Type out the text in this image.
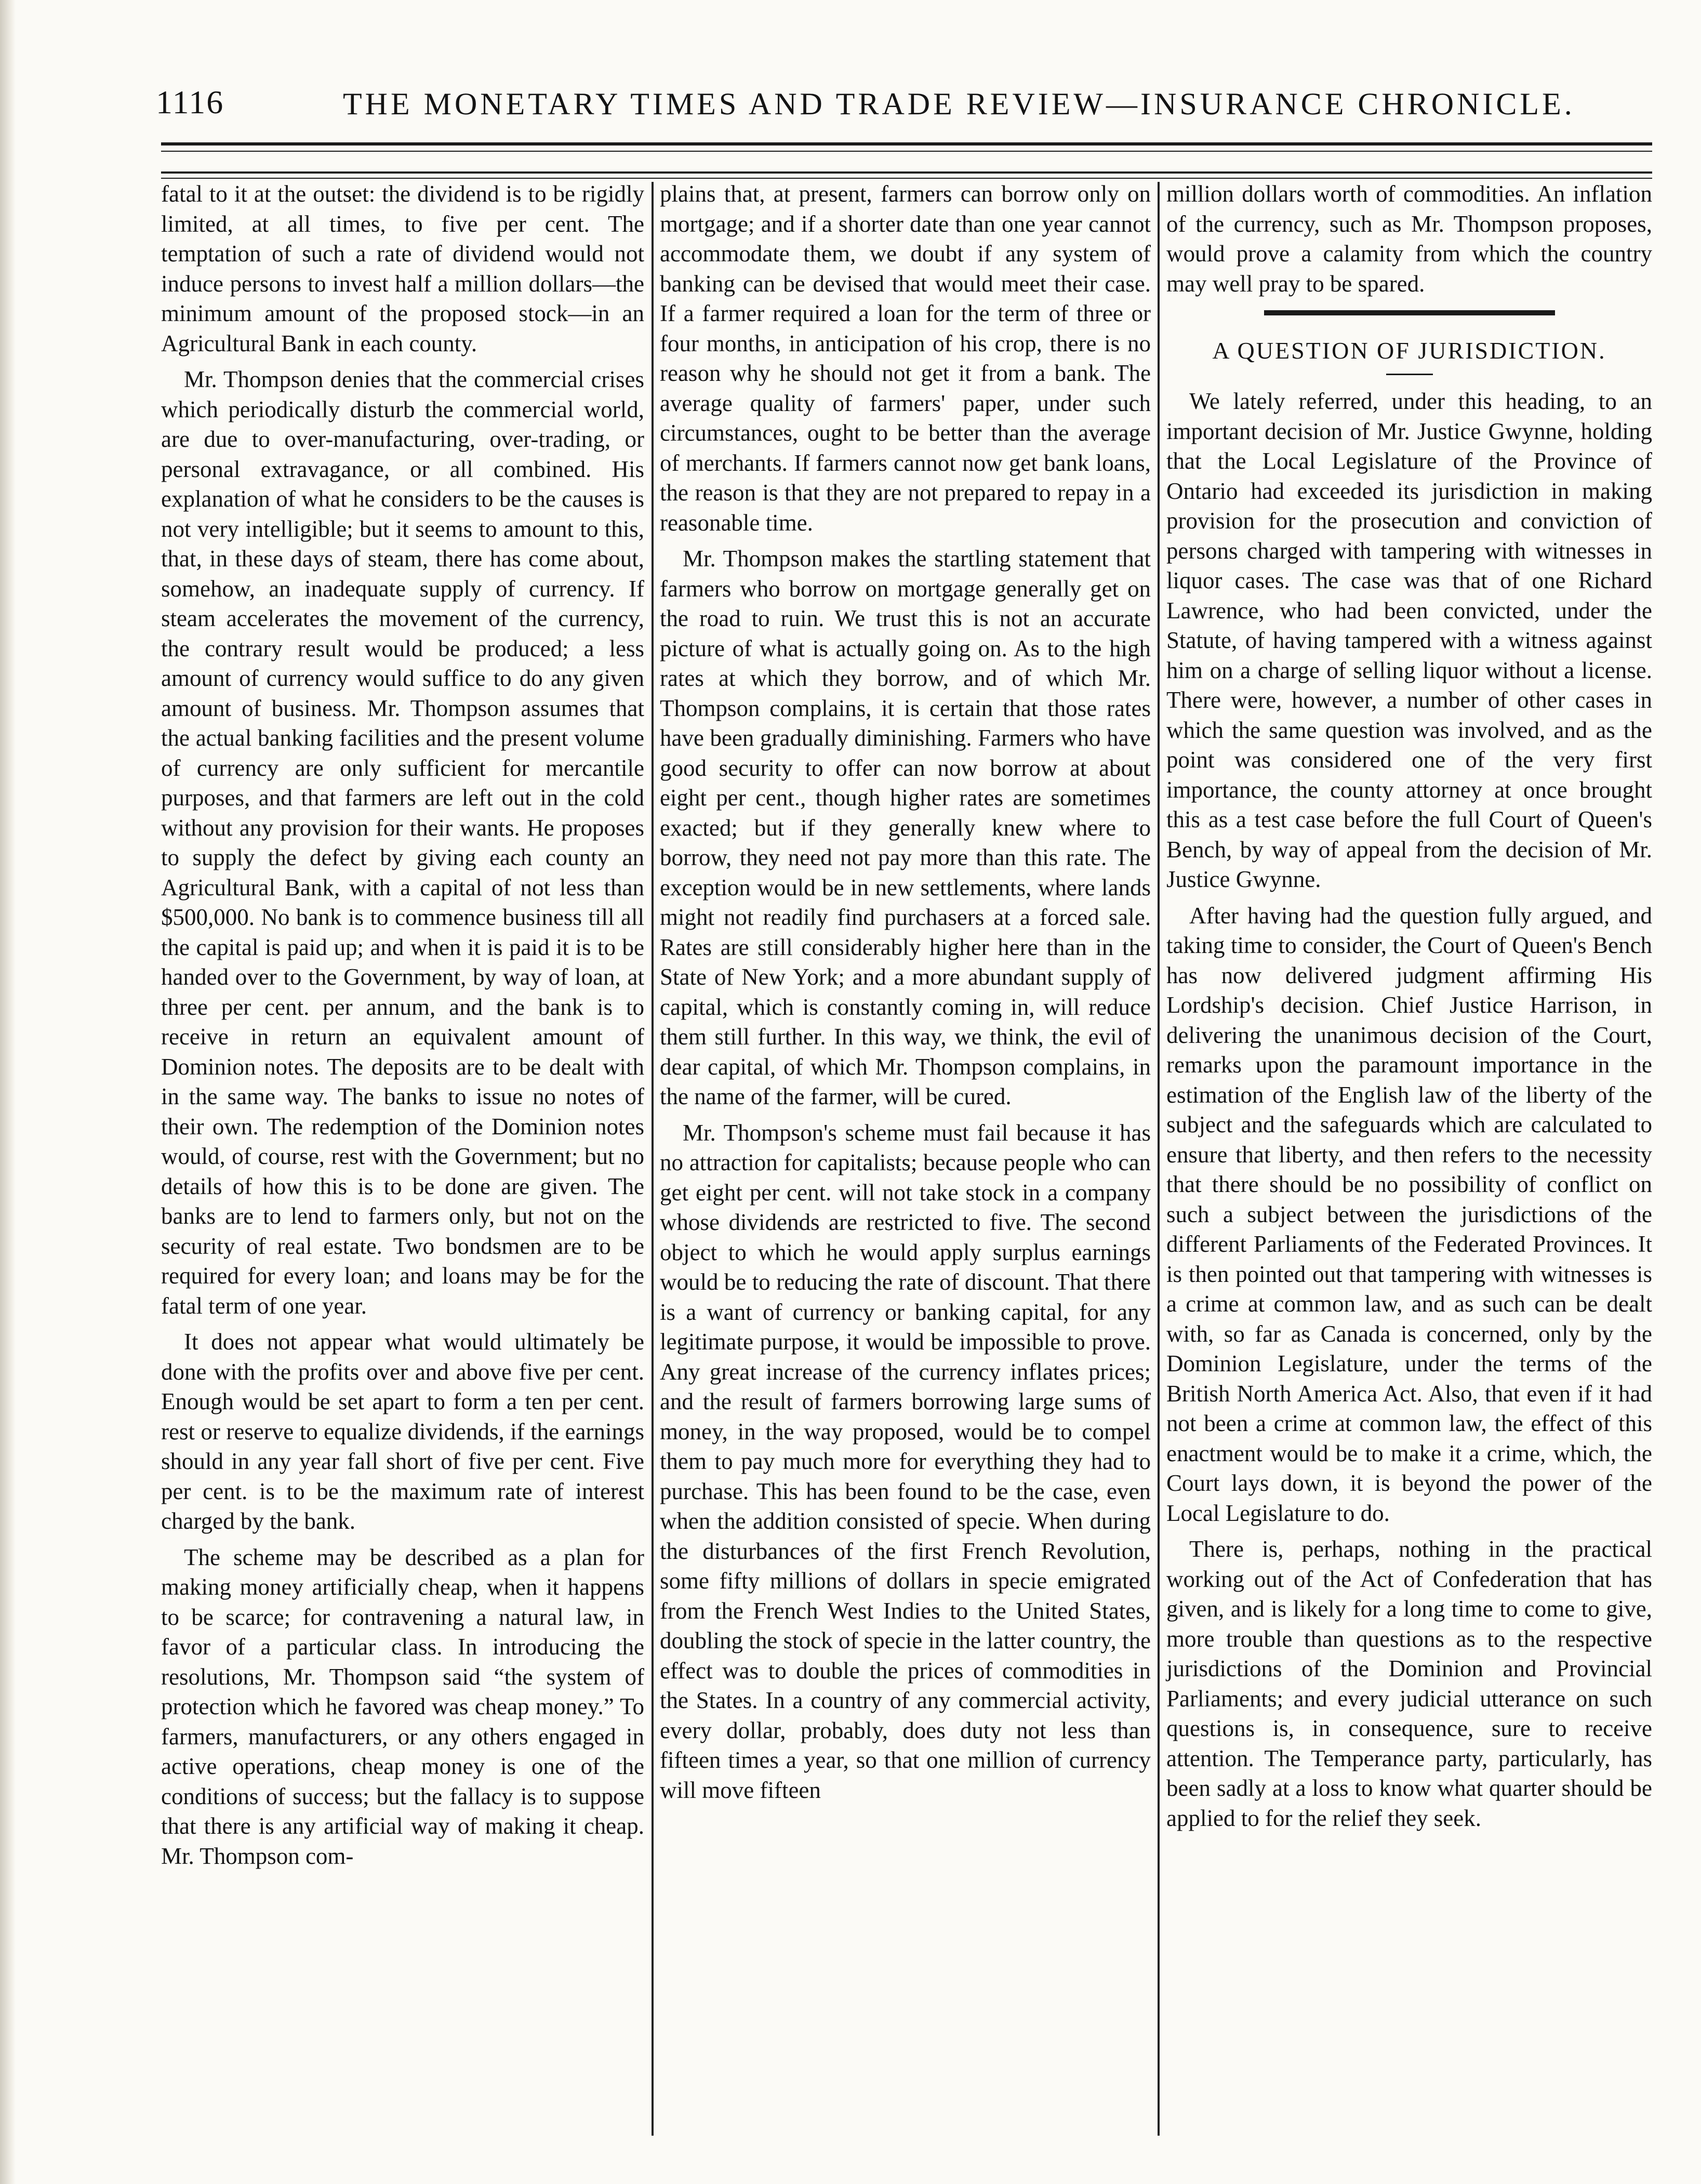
1116	THE MONETARY TIMES AND TRADE REVIEW—INSURANCE CHRONICLE.

fatal to it at the outset: the dividend is to be rigidly limited, at all times, to five per cent. The temptation of such a rate of dividend would not induce persons to invest half a million dollars—the minimum amount of the proposed stock—in an Agricultural Bank in each county.

Mr. Thompson denies that the commercial crises which periodically disturb the commercial world, are due to over-manufacturing, over-trading, or personal extravagance, or all combined. His explanation of what he considers to be the causes is not very intelligible; but it seems to amount to this, that, in these days of steam, there has come about, somehow, an inadequate supply of currency. If steam accelerates the movement of the currency, the contrary result would be produced; a less amount of currency would suffice to do any given amount of business. Mr. Thompson assumes that the actual banking facilities and the present volume of currency are only sufficient for mercantile purposes, and that farmers are left out in the cold without any provision for their wants. He proposes to supply the defect by giving each county an Agricultural Bank, with a capital of not less than $500,000. No bank is to commence business till all the capital is paid up; and when it is paid it is to be handed over to the Government, by way of loan, at three per cent. per annum, and the bank is to receive in return an equivalent amount of Dominion notes. The deposits are to be dealt with in the same way. The banks to issue no notes of their own. The redemption of the Dominion notes would, of course, rest with the Government; but no details of how this is to be done are given. The banks are to lend to farmers only, but not on the security of real estate. Two bondsmen are to be required for every loan; and loans may be for the fatal term of one year.

It does not appear what would ultimately be done with the profits over and above five per cent. Enough would be set apart to form a ten per cent. rest or reserve to equalize dividends, if the earnings should in any year fall short of five per cent. Five per cent. is to be the maximum rate of interest charged by the bank.

The scheme may be described as a plan for making money artificially cheap, when it happens to be scarce; for contravening a natural law, in favor of a particular class. In introducing the resolutions, Mr. Thompson said “the system of protection which he favored was cheap money.” To farmers, manufacturers, or any others engaged in active operations, cheap money is one of the conditions of success; but the fallacy is to suppose that there is any artificial way of making it cheap. Mr. Thompson com-

plains that, at present, farmers can borrow only on mortgage; and if a shorter date than one year cannot accommodate them, we doubt if any system of banking can be devised that would meet their case. If a farmer required a loan for the term of three or four months, in anticipation of his crop, there is no reason why he should not get it from a bank. The average quality of farmers' paper, under such circumstances, ought to be better than the average of merchants. If farmers cannot now get bank loans, the reason is that they are not prepared to repay in a reasonable time.

Mr. Thompson makes the startling statement that farmers who borrow on mortgage generally get on the road to ruin. We trust this is not an accurate picture of what is actually going on. As to the high rates at which they borrow, and of which Mr. Thompson complains, it is certain that those rates have been gradually diminishing. Farmers who have good security to offer can now borrow at about eight per cent., though higher rates are sometimes exacted; but if they generally knew where to borrow, they need not pay more than this rate. The exception would be in new settlements, where lands might not readily find purchasers at a forced sale. Rates are still considerably higher here than in the State of New York; and a more abundant supply of capital, which is constantly coming in, will reduce them still further. In this way, we think, the evil of dear capital, of which Mr. Thompson complains, in the name of the farmer, will be cured.

Mr. Thompson's scheme must fail because it has no attraction for capitalists; because people who can get eight per cent. will not take stock in a company whose dividends are restricted to five. The second object to which he would apply surplus earnings would be to reducing the rate of discount. That there is a want of currency or banking capital, for any legitimate purpose, it would be impossible to prove. Any great increase of the currency inflates prices; and the result of farmers borrowing large sums of money, in the way proposed, would be to compel them to pay much more for everything they had to purchase. This has been found to be the case, even when the addition consisted of specie. When during the disturbances of the first French Revolution, some fifty millions of dollars in specie emigrated from the French West Indies to the United States, doubling the stock of specie in the latter country, the effect was to double the prices of commodities in the States. In a country of any commercial activity, every dollar, probably, does duty not less than fifteen times a year, so that one million of currency will move fifteen

million dollars worth of commodities. An inflation of the currency, such as Mr. Thompson proposes, would prove a calamity from which the country may well pray to be spared.

A QUESTION OF JURISDICTION.

We lately referred, under this heading, to an important decision of Mr. Justice Gwynne, holding that the Local Legislature of the Province of Ontario had exceeded its jurisdiction in making provision for the prosecution and conviction of persons charged with tampering with witnesses in liquor cases. The case was that of one Richard Lawrence, who had been convicted, under the Statute, of having tampered with a witness against him on a charge of selling liquor without a license. There were, however, a number of other cases in which the same question was involved, and as the point was considered one of the very first importance, the county attorney at once brought this as a test case before the full Court of Queen's Bench, by way of appeal from the decision of Mr. Justice Gwynne.

After having had the question fully argued, and taking time to consider, the Court of Queen's Bench has now delivered judgment affirming His Lordship's decision. Chief Justice Harrison, in delivering the unanimous decision of the Court, remarks upon the paramount importance in the estimation of the English law of the liberty of the subject and the safeguards which are calculated to ensure that liberty, and then refers to the necessity that there should be no possibility of conflict on such a subject between the jurisdictions of the different Parliaments of the Federated Provinces. It is then pointed out that tampering with witnesses is a crime at common law, and as such can be dealt with, so far as Canada is concerned, only by the Dominion Legislature, under the terms of the British North America Act. Also, that even if it had not been a crime at common law, the effect of this enactment would be to make it a crime, which, the Court lays down, it is beyond the power of the Local Legislature to do.

There is, perhaps, nothing in the practical working out of the Act of Confederation that has given, and is likely for a long time to come to give, more trouble than questions as to the respective jurisdictions of the Dominion and Provincial Parliaments; and every judicial utterance on such questions is, in consequence, sure to receive attention. The Temperance party, particularly, has been sadly at a loss to know what quarter should be applied to for the relief they seek.
